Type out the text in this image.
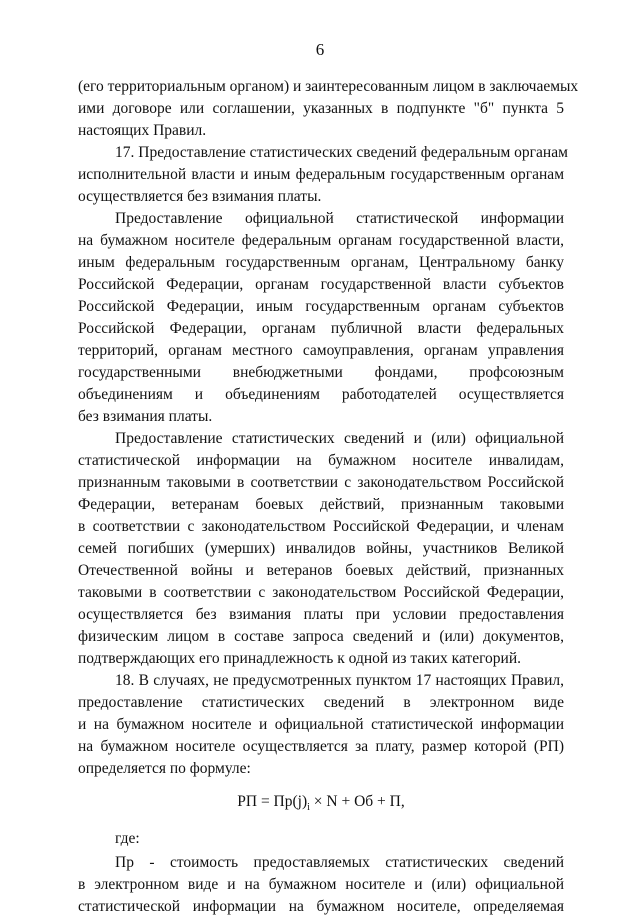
6
(его территориальным органом) и заинтересованным лицом в заключаемых
ими договоре или соглашении, указанных в подпункте "б" пункта 5
настоящих Правил.
17. Предоставление статистических сведений федеральным органам
исполнительной власти и иным федеральным государственным органам
осуществляется без взимания платы.
Предоставление официальной статистической информации
на бумажном носителе федеральным органам государственной власти,
иным федеральным государственным органам, Центральному банку
Российской Федерации, органам государственной власти субъектов
Российской Федерации, иным государственным органам субъектов
Российской Федерации, органам публичной власти федеральных
территорий, органам местного самоуправления, органам управления
государственными внебюджетными фондами, профсоюзным
объединениям и объединениям работодателей осуществляется
без взимания платы.
Предоставление статистических сведений и (или) официальной
статистической информации на бумажном носителе инвалидам,
признанным таковыми в соответствии с законодательством Российской
Федерации, ветеранам боевых действий, признанным таковыми
в соответствии с законодательством Российской Федерации, и членам
семей погибших (умерших) инвалидов войны, участников Великой
Отечественной войны и ветеранов боевых действий, признанных
таковыми в соответствии с законодательством Российской Федерации,
осуществляется без взимания платы при условии предоставления
физическим лицом в составе запроса сведений и (или) документов,
подтверждающих его принадлежность к одной из таких категорий.
18. В случаях, не предусмотренных пунктом 17 настоящих Правил,
предоставление статистических сведений в электронном виде
и на бумажном носителе и официальной статистической информации
на бумажном носителе осуществляется за плату, размер которой (РП)
определяется по формуле:
РП = $Пр(j)_i \times N$ + Об + П,
где:
Пр - стоимость предоставляемых статистических сведений
в электронном виде и на бумажном носителе и (или) официальной
статистической информации на бумажном носителе, определяемая
